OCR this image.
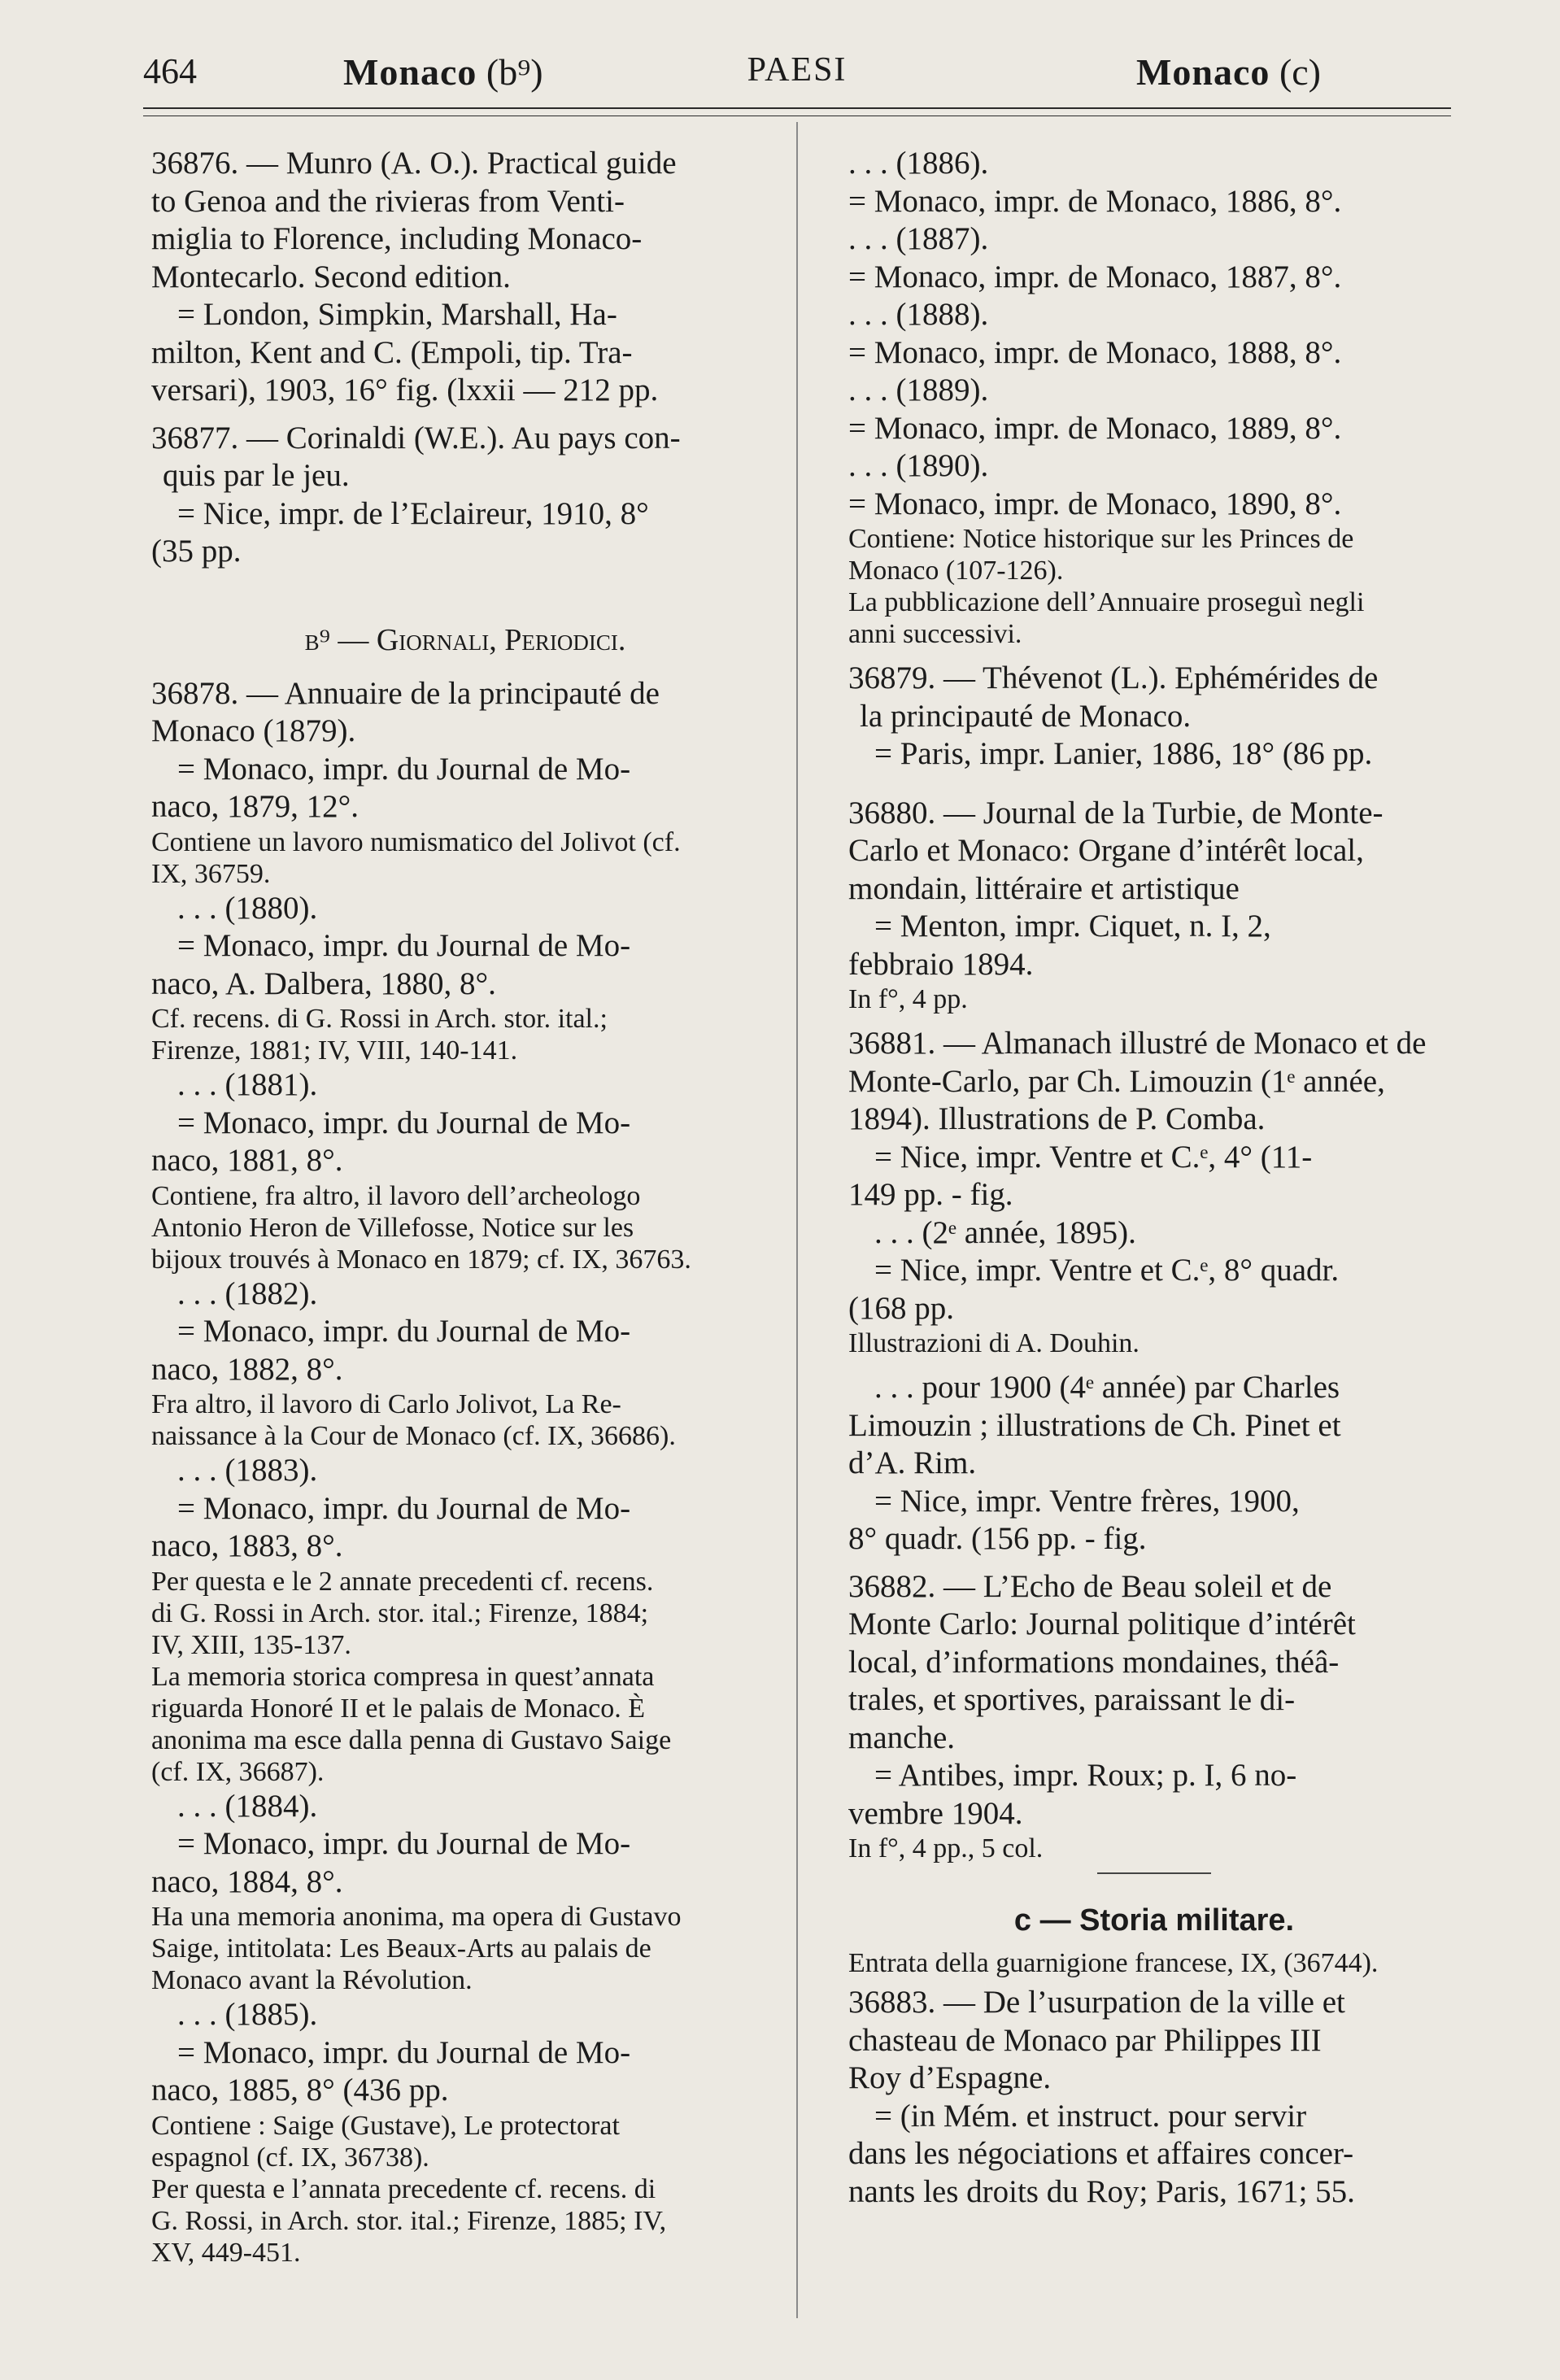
464	Monaco (b⁹)	PAESI	Monaco (c)

36876. — Munro (A. O.). Practical guide

to Genoa and the rivieras from Venti-

miglia to Florence, including Monaco-

Montecarlo. Second edition.

= London, Simpkin, Marshall, Ha-

milton, Kent and C. (Empoli, tip. Tra-

versari), 1903, 16° fig. (lxxii — 212 pp.

36877. — Corinaldi (W.E.). Au pays con-

quis par le jeu.

= Nice, impr. de l’Eclaireur, 1910, 8°

(35 pp.

b⁹ — Giornali, Periodici.

36878. — Annuaire de la principauté de

Monaco (1879).

= Monaco, impr. du Journal de Mo-

naco, 1879, 12°.

Contiene un lavoro numismatico del Jolivot (cf.
IX, 36759.

. . . (1880).

= Monaco, impr. du Journal de Mo-

naco, A. Dalbera, 1880, 8°.

Cf. recens. di G. Rossi in Arch. stor. ital.;
Firenze, 1881; IV, VIII, 140-141.

. . . (1881).

= Monaco, impr. du Journal de Mo-

naco, 1881, 8°.

Contiene, fra altro, il lavoro dell’archeologo
Antonio Heron de Villefosse, Notice sur les
bijoux trouvés à Monaco en 1879; cf. IX, 36763.

. . . (1882).

= Monaco, impr. du Journal de Mo-

naco, 1882, 8°.

Fra altro, il lavoro di Carlo Jolivot, La Re-
naissance à la Cour de Monaco (cf. IX, 36686).

. . . (1883).

= Monaco, impr. du Journal de Mo-

naco, 1883, 8°.

Per questa e le 2 annate precedenti cf. recens.
di G. Rossi in Arch. stor. ital.; Firenze, 1884;
IV, XIII, 135-137.
La memoria storica compresa in quest’annata
riguarda Honoré II et le palais de Monaco. È
anonima ma esce dalla penna di Gustavo Saige
(cf. IX, 36687).

. . . (1884).

= Monaco, impr. du Journal de Mo-

naco, 1884, 8°.

Ha una memoria anonima, ma opera di Gustavo
Saige, intitolata: Les Beaux-Arts au palais de
Monaco avant la Révolution.

. . . (1885).

= Monaco, impr. du Journal de Mo-

naco, 1885, 8° (436 pp.

Contiene : Saige (Gustave), Le protectorat
espagnol (cf. IX, 36738).
Per questa e l’annata precedente cf. recens. di
G. Rossi, in Arch. stor. ital.; Firenze, 1885; IV,
XV, 449-451.

. . . (1886).

= Monaco, impr. de Monaco, 1886, 8°.

. . . (1887).

= Monaco, impr. de Monaco, 1887, 8°.

. . . (1888).

= Monaco, impr. de Monaco, 1888, 8°.

. . . (1889).

= Monaco, impr. de Monaco, 1889, 8°.

. . . (1890).

= Monaco, impr. de Monaco, 1890, 8°.

Contiene: Notice historique sur les Princes de
Monaco (107-126).
La pubblicazione dell’Annuaire proseguì negli
anni successivi.

36879. — Thévenot (L.). Ephémérides de

la principauté de Monaco.

= Paris, impr. Lanier, 1886, 18° (86 pp.

36880. — Journal de la Turbie, de Monte-

Carlo et Monaco: Organe d’intérêt local,

mondain, littéraire et artistique

= Menton, impr. Ciquet, n. I, 2,

febbraio 1894.

In f°, 4 pp.

36881. — Almanach illustré de Monaco et de

Monte-Carlo, par Ch. Limouzin (1ᵉ année,

1894). Illustrations de P. Comba.

= Nice, impr. Ventre et C.ᵉ, 4° (11-

149 pp. - fig.

. . . (2ᵉ année, 1895).

= Nice, impr. Ventre et C.ᵉ, 8° quadr.

(168 pp.

Illustrazioni di A. Douhin.

. . . pour 1900 (4ᵉ année) par Charles

Limouzin ; illustrations de Ch. Pinet et

d’A. Rim.

= Nice, impr. Ventre frères, 1900,

8° quadr. (156 pp. - fig.

36882. — L’Echo de Beau soleil et de

Monte Carlo: Journal politique d’intérêt

local, d’informations mondaines, théâ-

trales, et sportives, paraissant le di-

manche.

= Antibes, impr. Roux; p. I, 6 no-

vembre 1904.

In f°, 4 pp., 5 col.

c — Storia militare.

Entrata della guarnigione francese, IX, (36744).

36883. — De l’usurpation de la ville et

chasteau de Monaco par Philippes III

Roy d’Espagne.

= (in Mém. et instruct. pour servir

dans les négociations et affaires concer-

nants les droits du Roy; Paris, 1671; 55.
